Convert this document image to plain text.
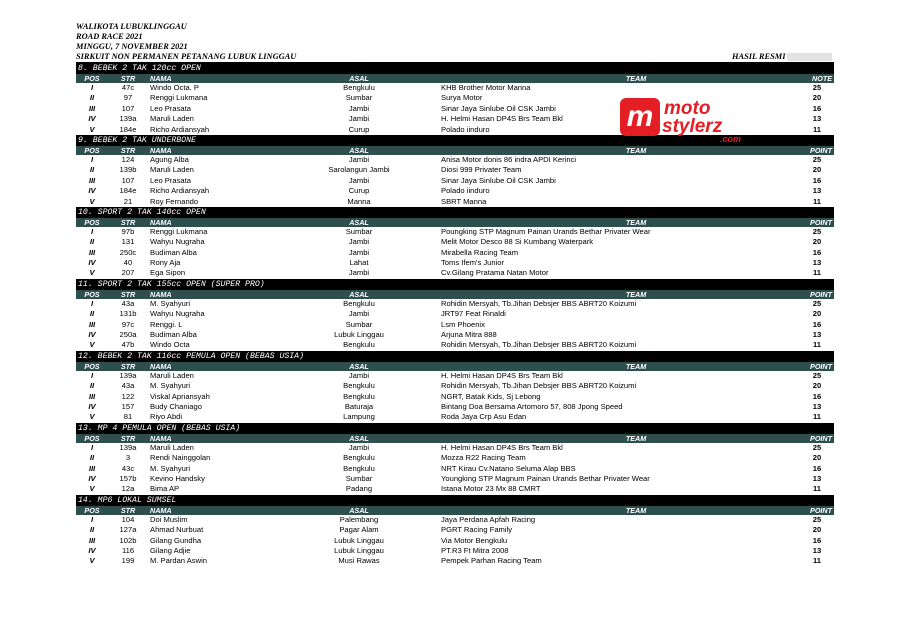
WALIKOTA LUBUKLINGGAU
ROAD RACE 2021
MINGGU, 7 NOVEMBER 2021
SIRKUIT NON PERMANEN PETANANG LUBUK LINGGAU	HASIL RESMI
8. BEBEK 2 TAK 120cc OPEN
POS	STR	NAMA	ASAL	TEAM	NOTE
I	47c	Windo Octa. P	Bengkulu	KHB Brother Motor Manna	25
II	97	Renggi Lukmana	Sumbar	Surya Motor	20
III	107	Leo Prasata	Jambi	Sinar Jaya Sinlube Oil CSK Jambi	16
IV	139a	Maruli Laden	Jambi	H. Helmi Hasan DP4S Brs Team Bkl	13
V	184e	Richo Ardiansyah	Curup	Polado iinduro	11
9. BEBEK 2 TAK UNDERBONE
POS	STR	NAMA	ASAL	TEAM	POINT
I	124	Agung Alba	Jambi	Anisa Motor donis 86 indra APDI Kerinci	25
II	139b	Maruli Laden	Sarolangun Jambi	Diosi 999 Privater Team	20
III	107	Leo Prasata	Jambi	Sinar Jaya Sinlube Oil CSK Jambi	16
IV	184e	Richo Ardiansyah	Curup	Polado iinduro	13
V	21	Roy Fernando	Manna	SBRT Manna	11
10. SPORT 2 TAK 140cc OPEN
POS	STR	NAMA	ASAL	TEAM	POINT
I	97b	Renggi Lukmana	Sumbar	Poungking STP Magnum Painan Urands Bethar Privater Wear	25
II	131	Wahyu Nugraha	Jambi	Melit Motor Desco 88 Si Kumbang Waterpark	20
III	250c	Budiman Alba	Jambi	Mirabella Racing Team	16
IV	40	Rony Aja	Lahat	Toms Ifem's Junior	13
V	207	Ega Sipon	Jambi	Cv.Gilang Pratama Natan Motor	11
11. SPORT 2 TAK 155cc OPEN (SUPER PRO)
POS	STR	NAMA	ASAL	TEAM	POINT
I	43a	M. Syahyuri	Bengkulu	Rohidin Mersyah, Tb.Jihan Debsjer BBS ABRT20 Koizumi	25
II	131b	Wahyu Nugraha	Jambi	JRT97 Feat Rinaldi	20
III	97c	Renggi. L	Sumbar	Lsm Phoenix	16
IV	250a	Budiman Alba	Lubuk Linggau	Arjuna Mitra 888	13
V	47b	Windo Octa	Bengkulu	Rohidin Mersyah, Tb.Jihan Debsjer BBS ABRT20 Koizumi	11
12. BEBEK 2 TAK 116cc PEMULA OPEN (BEBAS USIA)
POS	STR	NAMA	ASAL	TEAM	POINT
I	139a	Maruli Laden	Jambi	H. Helmi Hasan DP4S Brs Team Bkl	25
II	43a	M. Syahyuri	Bengkulu	Rohidin Mersyah, Tb.Jihan Debsjer BBS ABRT20 Koizumi	20
III	122	Viskal Apriansyah	Bengkulu	NGRT, Batak Kids, Sj Lebong	16
IV	157	Budy Chaniago	Baturaja	Bintang Doa Bersama Artomoro 57, 808 Jpong Speed	13
V	81	Riyo Abdi	Lampung	Roda Jaya Crp Asu Edan	11
13. MP 4 PEMULA OPEN (BEBAS USIA)
POS	STR	NAMA	ASAL	TEAM	POINT
I	139a	Maruli Laden	Jambi	H. Helmi Hasan DP4S Brs Team Bkl	25
II	3	Rendi Nainggolan	Bengkulu	Mozza R22 Racing Team	20
III	43c	M. Syahyuri	Bengkulu	NRT Kirau Cv.Natano Seluma Alap BBS	16
IV	157b	Kevino Handsky	Sumbar	Youngking STP Magnum Painan Urands Bethar Privater Wear	13
V	12a	Bima AP	Padang	Istana Motor 23 Mx 88 CMRT	11
14. MP6 LOKAL SUMSEL
POS	STR	NAMA	ASAL	TEAM	POINT
I	104	Doi Muslim	Palembang	Jaya Perdana Apfah Racing	25
II	127a	Ahmad Nurbuat	Pagar Alam	PGRT Racing Family	20
III	102b	Gilang Gundha	Lubuk Linggau	Via Motor Bengkulu	16
IV	116	Gilang Adjie	Lubuk Linggau	PT.R3 Ft Mitra 2008	13
V	199	M. Pardan Aswin	Musi Rawas	Pempek Parhan Racing Team	11
m moto
stylerz
.com
